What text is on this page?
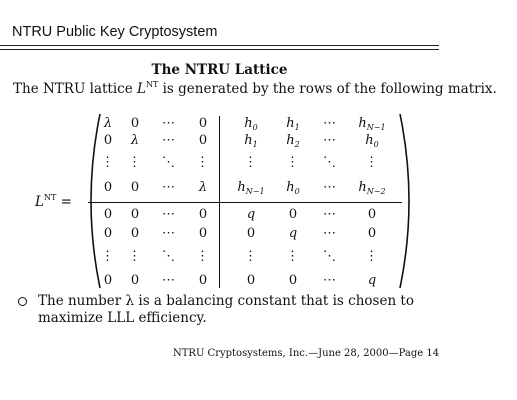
NTRU Public Key Cryptosystem
The NTRU Lattice
The NTRU lattice $L^{NT}$ is generated by the rows of the following matrix.
$L^{NT}$ =
λ	0	⋯	0	$h_0$	$h_1$	⋯	$h_{N-1}$
0	λ	⋯	0	$h_1$	$h_2$	⋯	$h_0$
⋮	⋮	⋱	⋮	⋮	⋮	⋱	⋮
0	0	⋯	λ	$h_{N-1}$	$h_0$	⋯	$h_{N-2}$
0	0	⋯	0	q	0	⋯	0
0	0	⋯	0	0	q	⋯	0
⋮	⋮	⋱	⋮	⋮	⋮	⋱	⋮
0	0	⋯	0	0	0	⋯	q
The number λ is a balancing constant that is chosen to maximize LLL efficiency.
NTRU Cryptosystems, Inc.—June 28, 2000—Page 14
